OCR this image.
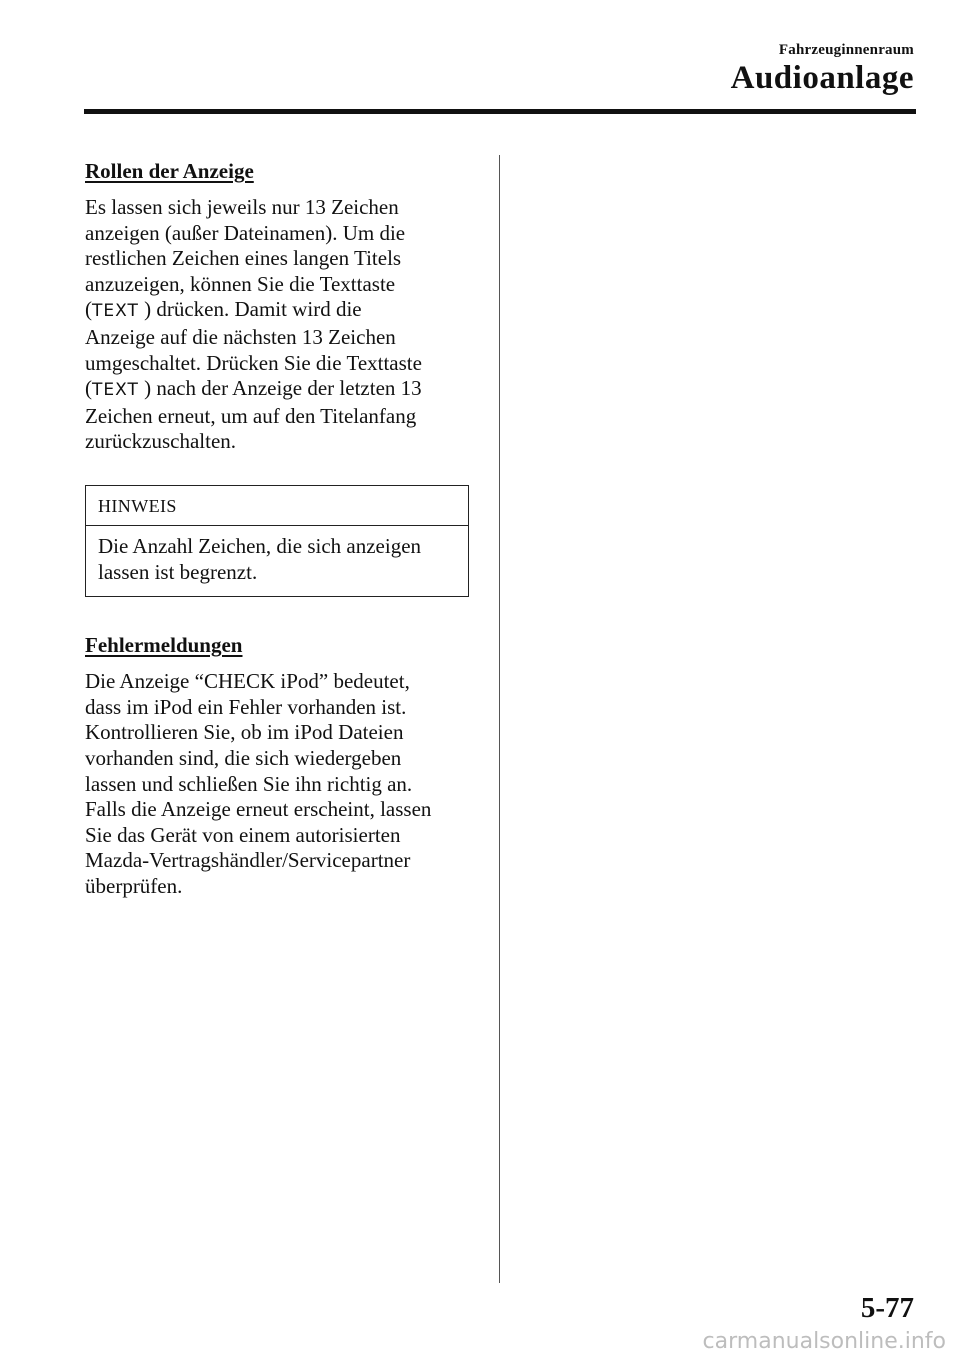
Fahrzeuginnenraum
Audioanlage
Rollen der Anzeige

Es lassen sich jeweils nur 13 Zeichen
anzeigen (außer Dateinamen). Um die
restlichen Zeichen eines langen Titels
anzuzeigen, können Sie die Texttaste
(TEXT ) drücken. Damit wird die
Anzeige auf die nächsten 13 Zeichen
umgeschaltet. Drücken Sie die Texttaste
(TEXT ) nach der Anzeige der letzten 13
Zeichen erneut, um auf den Titelanfang
zurückzuschalten.

HINWEIS
Die Anzahl Zeichen, die sich anzeigen
lassen ist begrenzt.
Fehlermeldungen

Die Anzeige “CHECK iPod” bedeutet,
dass im iPod ein Fehler vorhanden ist.
Kontrollieren Sie, ob im iPod Dateien
vorhanden sind, die sich wiedergeben
lassen und schließen Sie ihn richtig an.
Falls die Anzeige erneut erscheint, lassen
Sie das Gerät von einem autorisierten
Mazda-Vertragshändler/Servicepartner
überprüfen.

5-77
carmanualsonline.info
